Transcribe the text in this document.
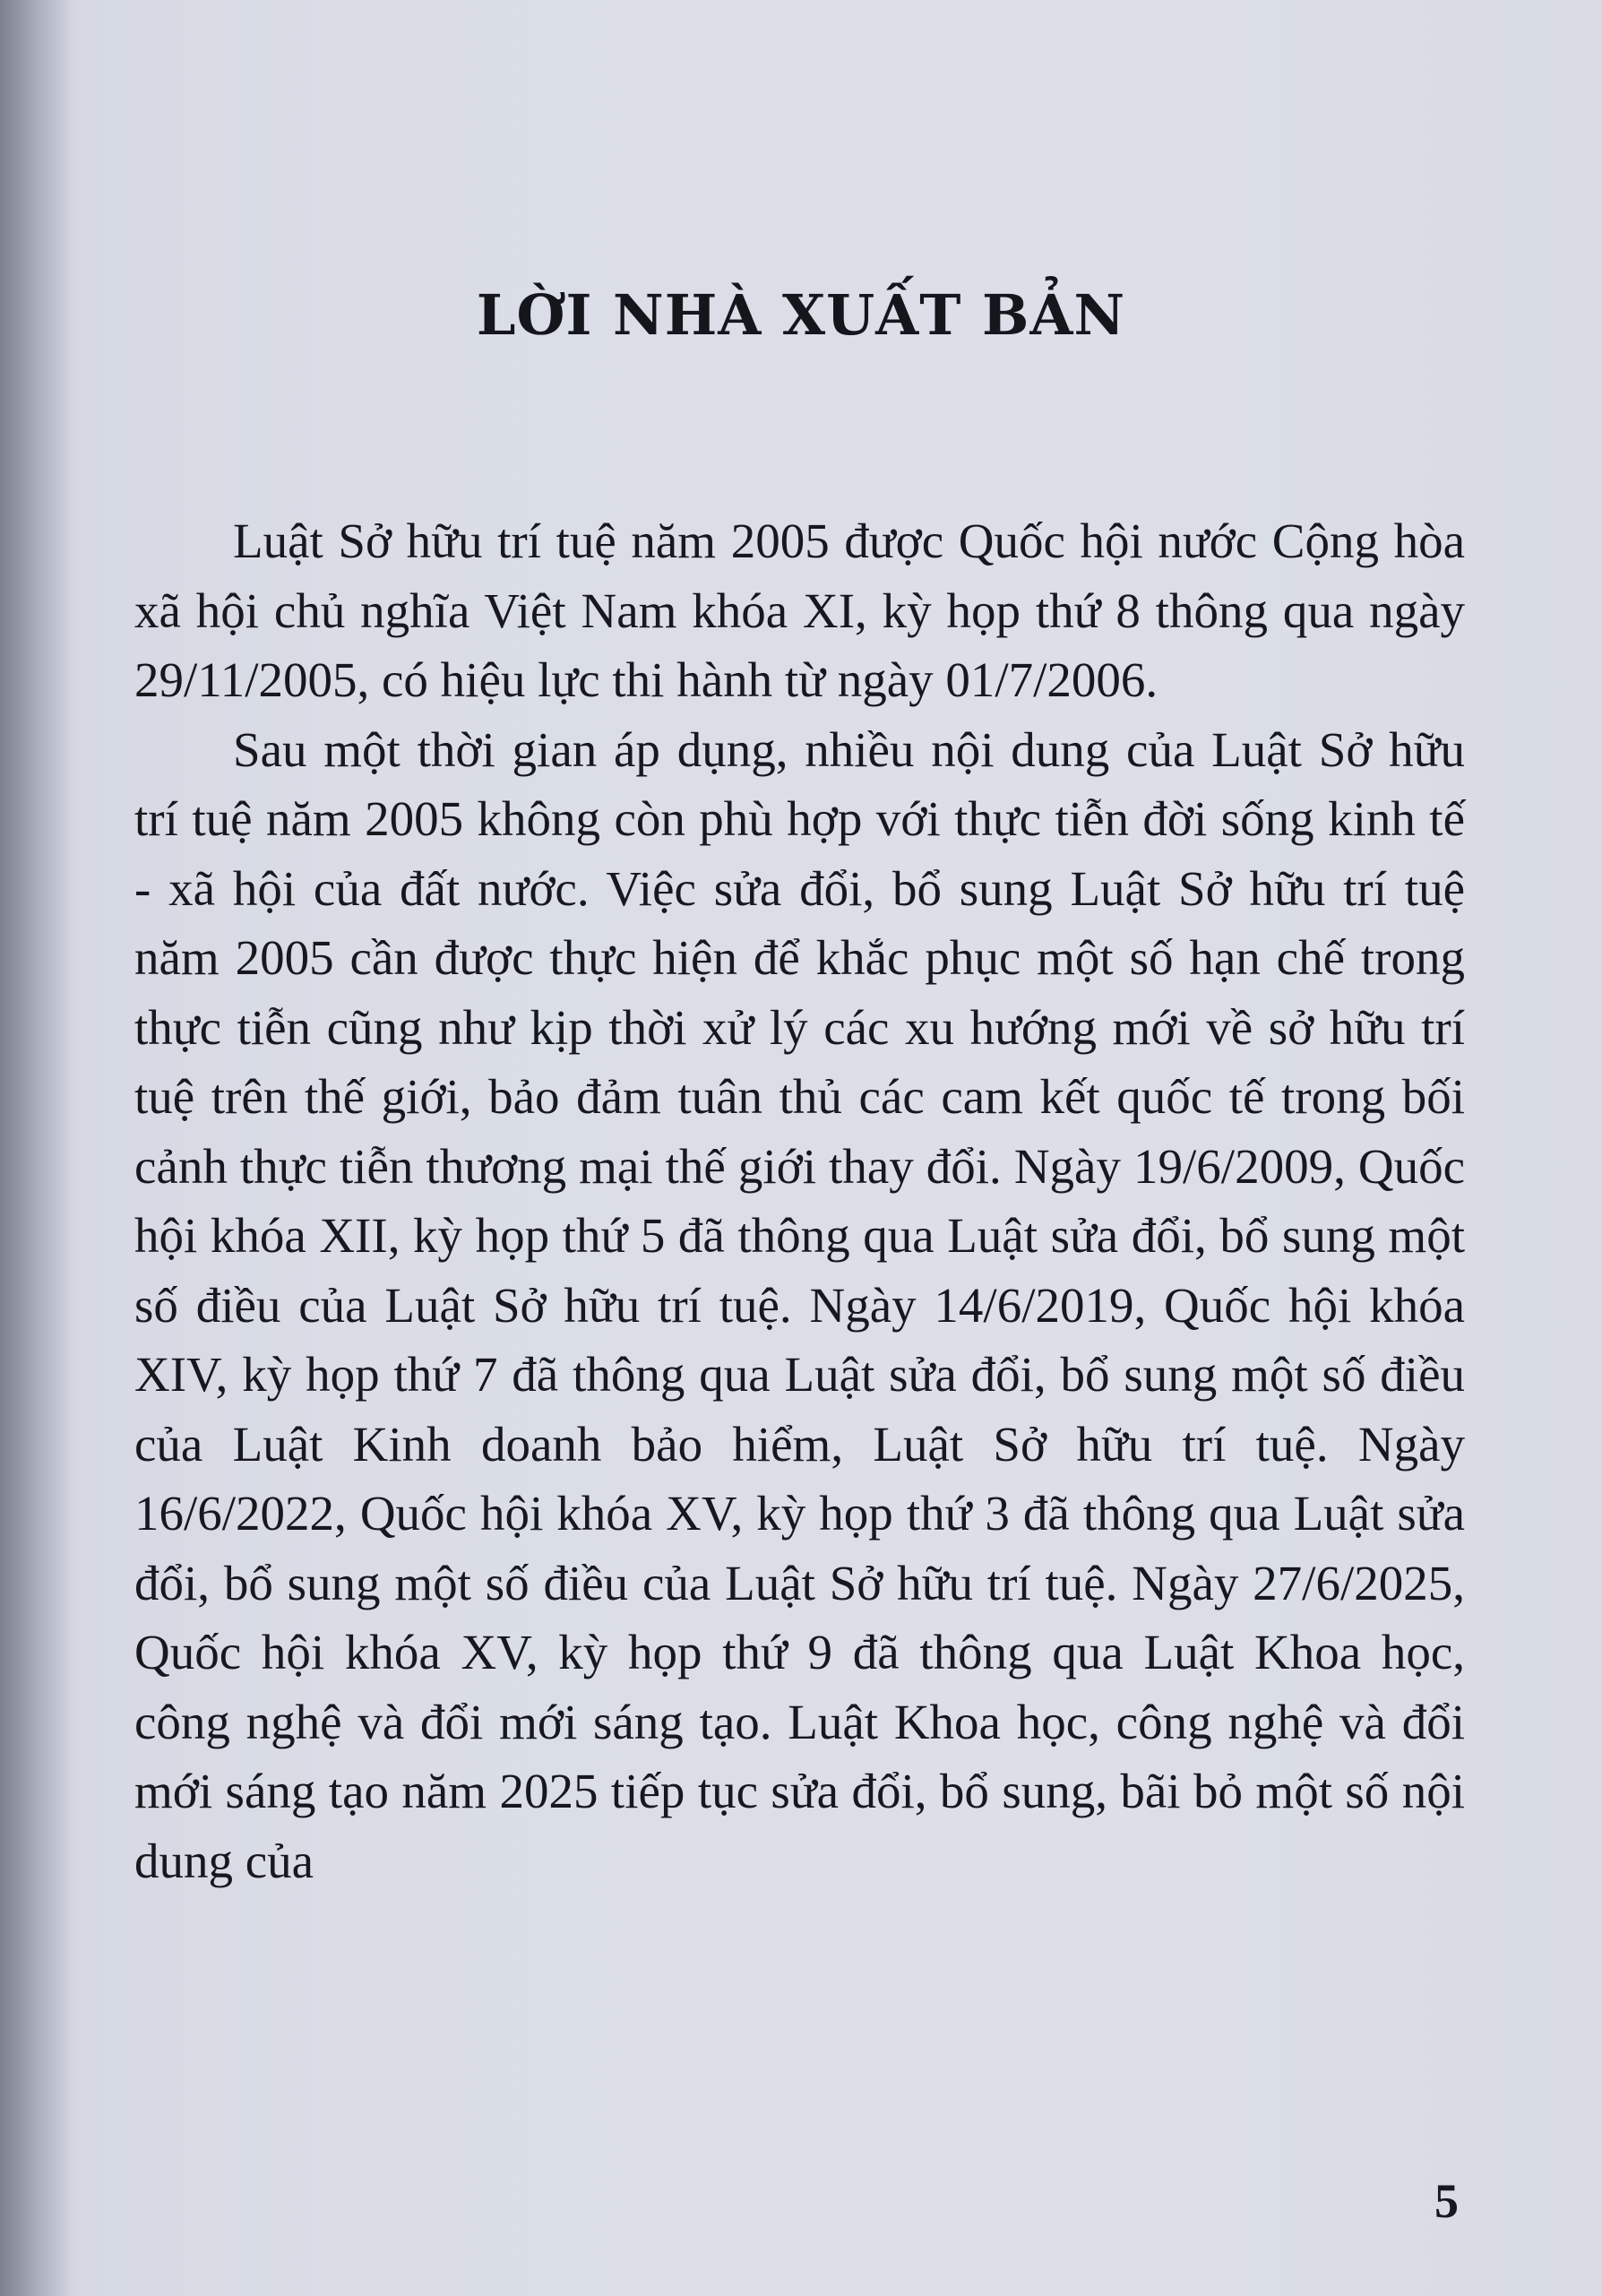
LỜI NHÀ XUẤT BẢN

Luật Sở hữu trí tuệ năm 2005 được Quốc hội nước Cộng hòa xã hội chủ nghĩa Việt Nam khóa XI, kỳ họp thứ 8 thông qua ngày 29/11/2005, có hiệu lực thi hành từ ngày 01/7/2006.

Sau một thời gian áp dụng, nhiều nội dung của Luật Sở hữu trí tuệ năm 2005 không còn phù hợp với thực tiễn đời sống kinh tế - xã hội của đất nước. Việc sửa đổi, bổ sung Luật Sở hữu trí tuệ năm 2005 cần được thực hiện để khắc phục một số hạn chế trong thực tiễn cũng như kịp thời xử lý các xu hướng mới về sở hữu trí tuệ trên thế giới, bảo đảm tuân thủ các cam kết quốc tế trong bối cảnh thực tiễn thương mại thế giới thay đổi. Ngày 19/6/2009, Quốc hội khóa XII, kỳ họp thứ 5 đã thông qua Luật sửa đổi, bổ sung một số điều của Luật Sở hữu trí tuệ. Ngày 14/6/2019, Quốc hội khóa XIV, kỳ họp thứ 7 đã thông qua Luật sửa đổi, bổ sung một số điều của Luật Kinh doanh bảo hiểm, Luật Sở hữu trí tuệ. Ngày 16/6/2022, Quốc hội khóa XV, kỳ họp thứ 3 đã thông qua Luật sửa đổi, bổ sung một số điều của Luật Sở hữu trí tuệ. Ngày 27/6/2025, Quốc hội khóa XV, kỳ họp thứ 9 đã thông qua Luật Khoa học, công nghệ và đổi mới sáng tạo. Luật Khoa học, công nghệ và đổi mới sáng tạo năm 2025 tiếp tục sửa đổi, bổ sung, bãi bỏ một số nội dung của

5
